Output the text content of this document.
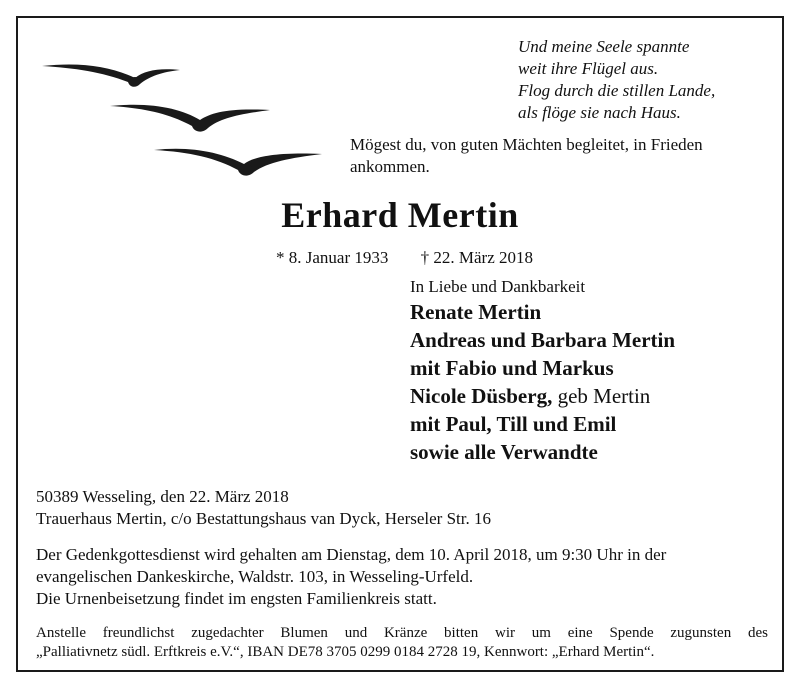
Und meine Seele spannte
weit ihre Flügel aus.
Flog durch die stillen Lande,
als flöge sie nach Haus.
Mögest du, von guten Mächten begleitet, in Frieden ankommen.
Erhard Mertin
* 8. Januar 1933 † 22. März 2018
In Liebe und Dankbarkeit
Renate Mertin
Andreas und Barbara Mertin
mit Fabio und Markus
Nicole Düsberg, geb Mertin
mit Paul, Till und Emil
sowie alle Verwandte
50389 Wesseling, den 22. März 2018
Trauerhaus Mertin, c/o Bestattungshaus van Dyck, Herseler Str. 16
Der Gedenkgottesdienst wird gehalten am Dienstag, dem 10. April 2018, um 9:30 Uhr in der
evangelischen Dankeskirche, Waldstr. 103, in Wesseling-Urfeld.
Die Urnenbeisetzung findet im engsten Familienkreis statt.
Anstelle freundlichst zugedachter Blumen und Kränze bitten wir um eine Spende zugunsten des
„Palliativnetz südl. Erftkreis e.V.“, IBAN DE78 3705 0299 0184 2728 19, Kennwort: „Erhard Mertin“.
